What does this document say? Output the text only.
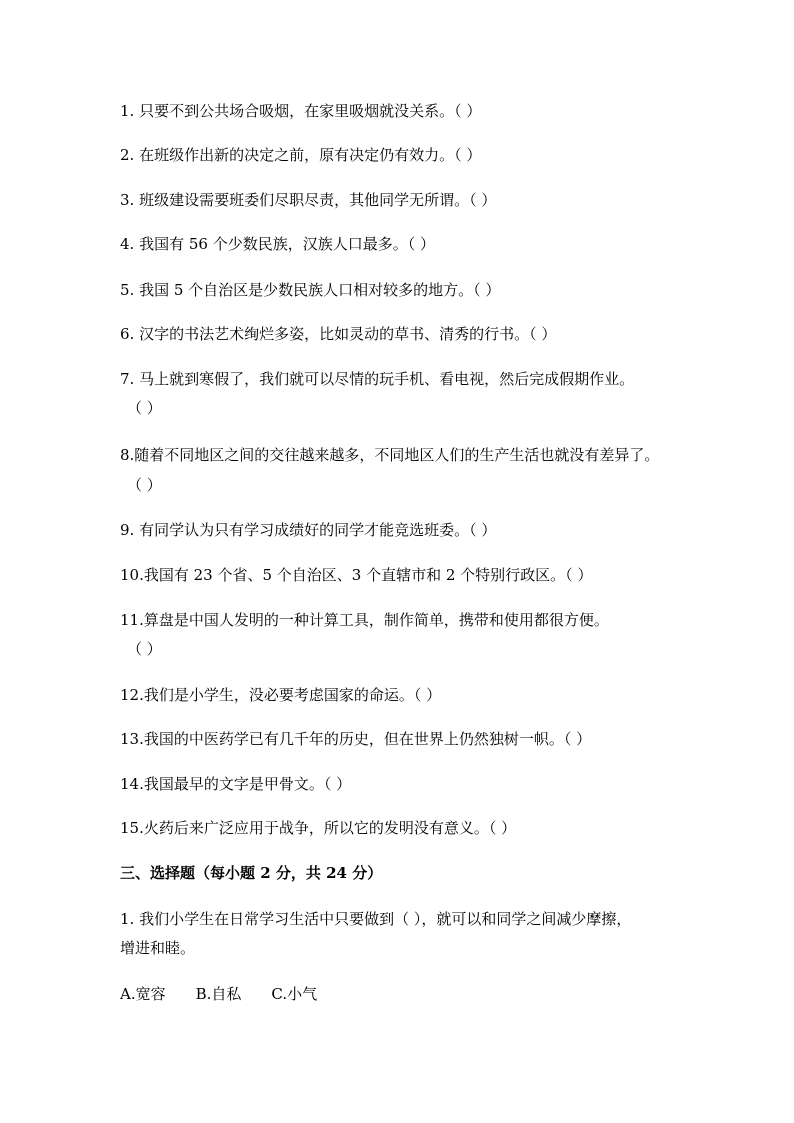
1. 只要不到公共场合吸烟，在家里吸烟就没关系。（ ）
2. 在班级作出新的决定之前，原有决定仍有效力。（ ）
3. 班级建设需要班委们尽职尽责，其他同学无所谓。（ ）
4. 我国有 56 个少数民族，汉族人口最多。（ ）
5. 我国 5 个自治区是少数民族人口相对较多的地方。（ ）
6. 汉字的书法艺术绚烂多姿，比如灵动的草书、清秀的行书。（ ）
7. 马上就到寒假了，我们就可以尽情的玩手机、看电视，然后完成假期作业。
（ ）
8.随着不同地区之间的交往越来越多，不同地区人们的生产生活也就没有差异了。
（ ）
9. 有同学认为只有学习成绩好的同学才能竞选班委。（ ）
10.我国有 23 个省、5 个自治区、3 个直辖市和 2 个特别行政区。（ ）
11.算盘是中国人发明的一种计算工具，制作简单，携带和使用都很方便。
（ ）
12.我们是小学生，没必要考虑国家的命运。（ ）
13.我国的中医药学已有几千年的历史，但在世界上仍然独树一帜。（ ）
14.我国最早的文字是甲骨文。（ ）
15.火药后来广泛应用于战争，所以它的发明没有意义。（ ）
三、选择题（每小题 2 分，共 24 分）
1. 我们小学生在日常学习生活中只要做到（ ），就可以和同学之间减少摩擦，
增进和睦。
A.宽容 B.自私 C.小气
